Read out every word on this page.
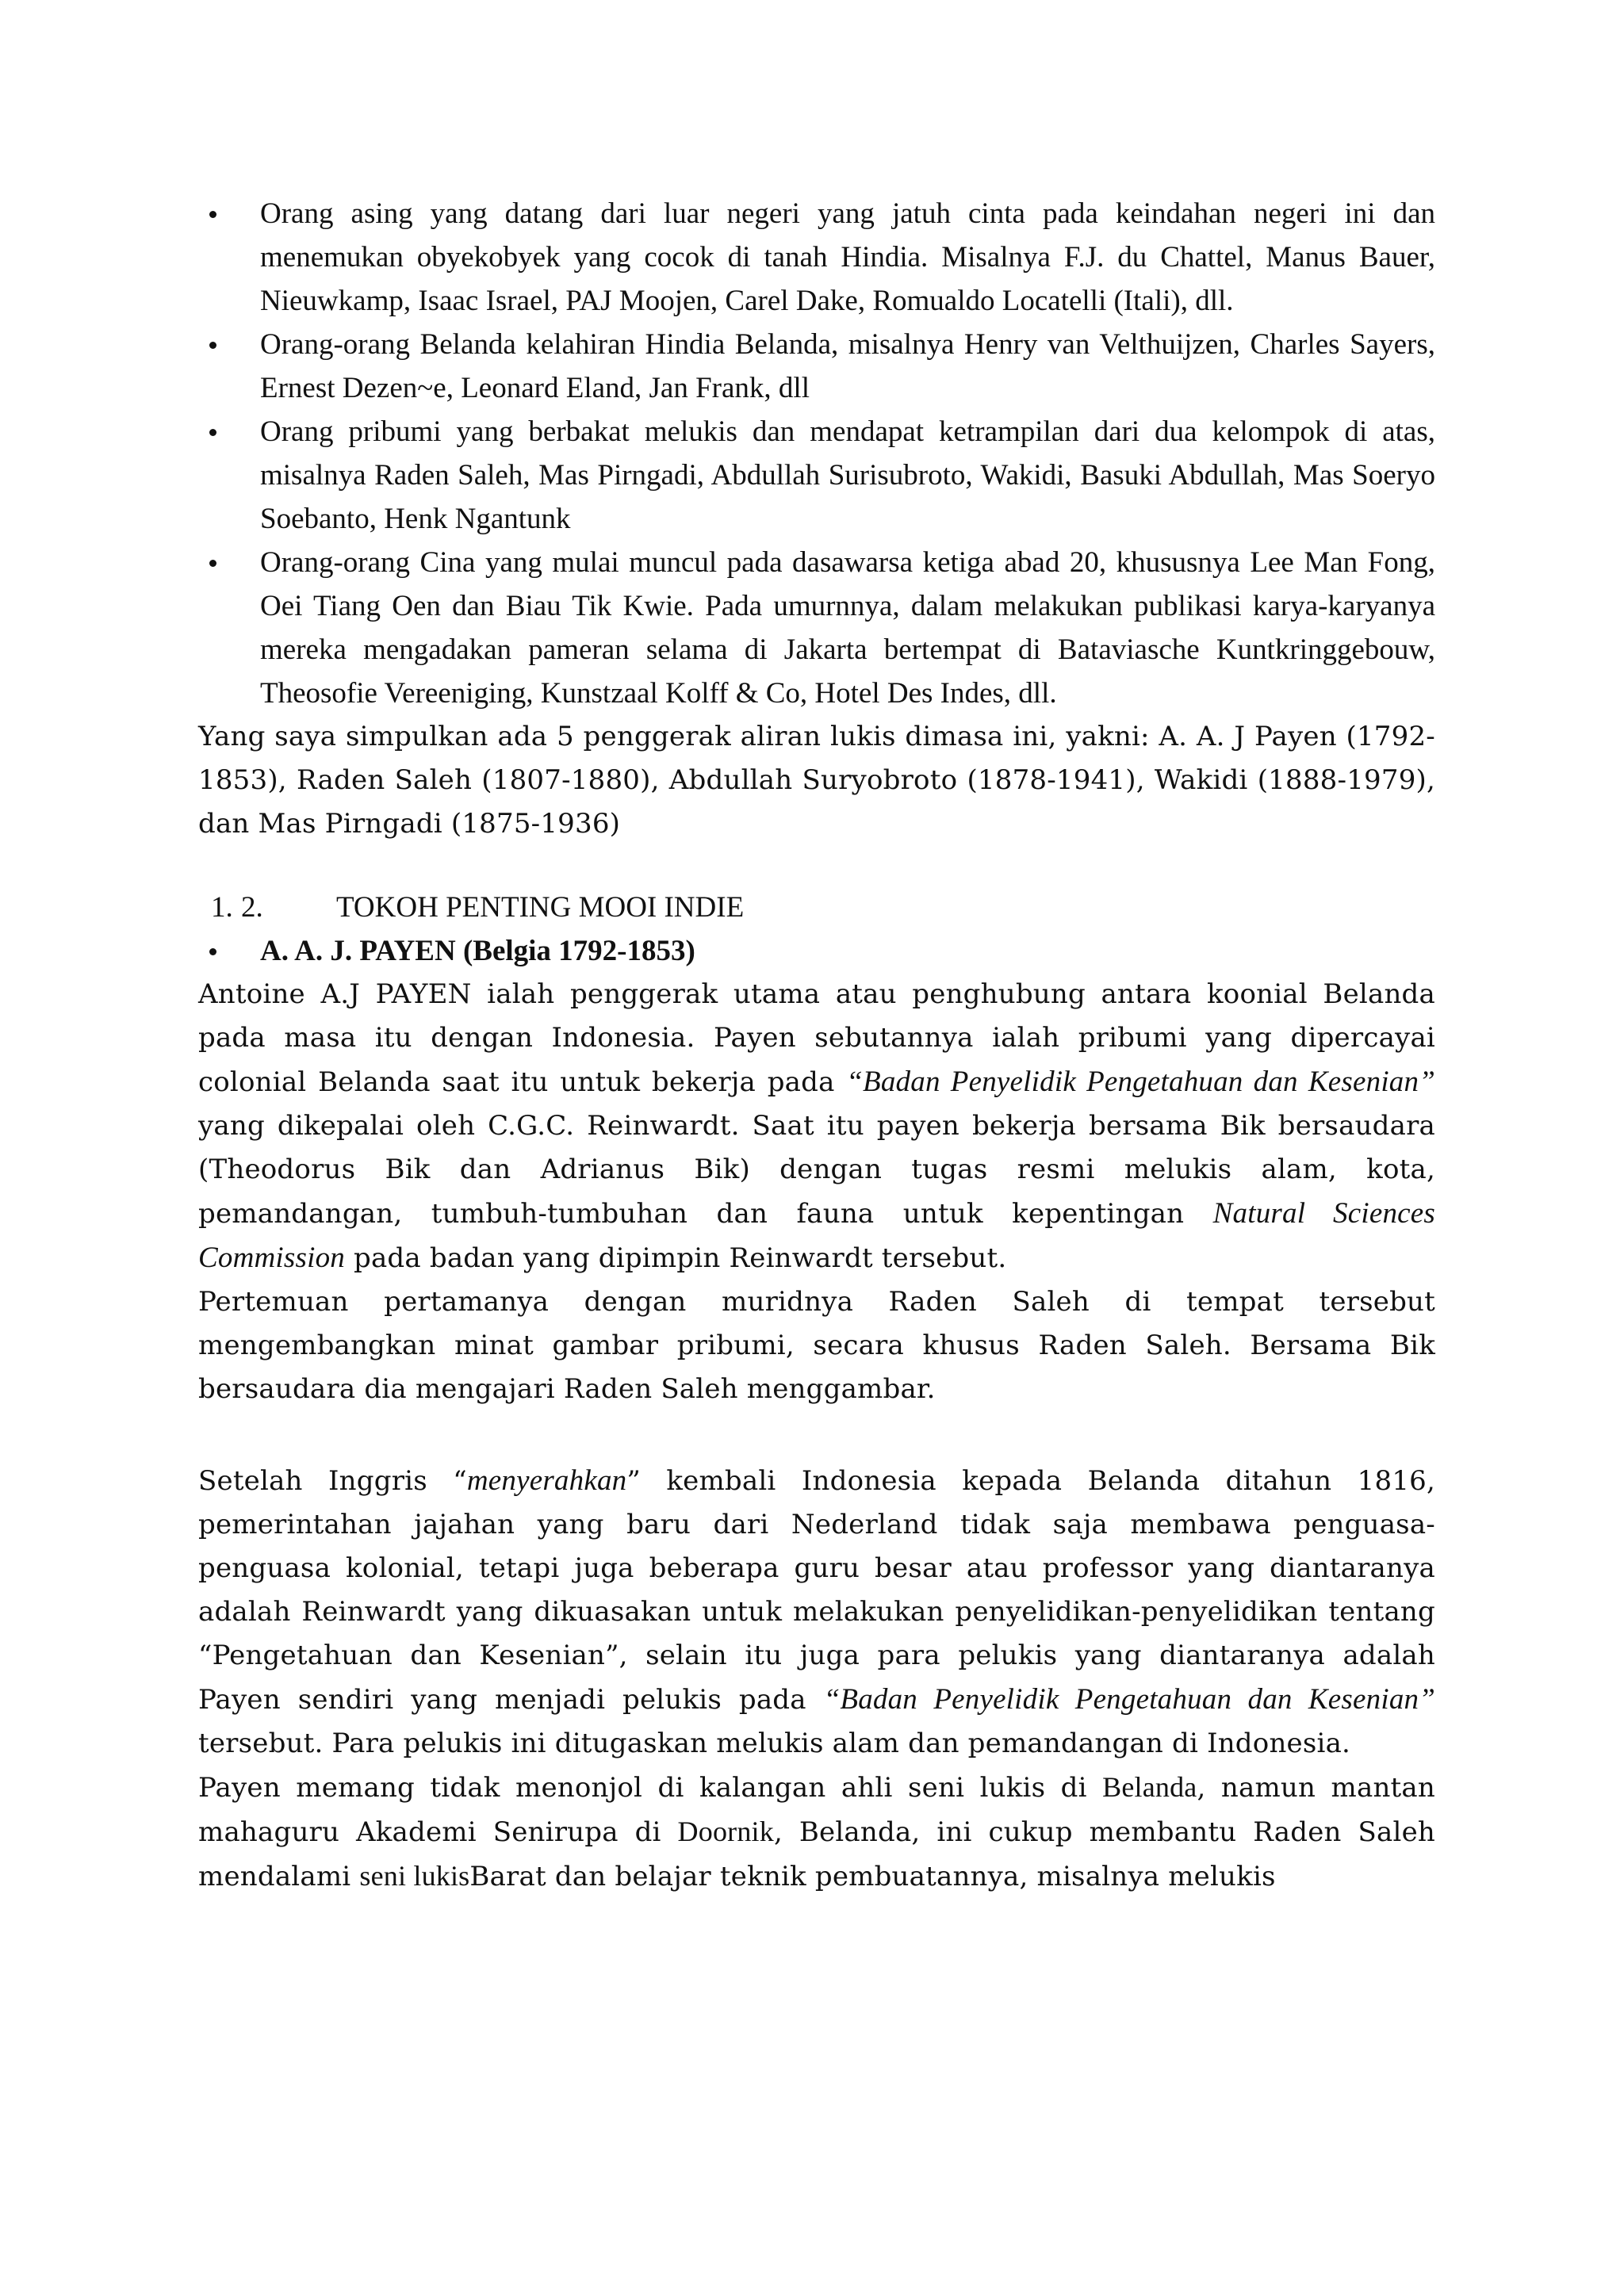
Orang asing yang datang dari luar negeri yang jatuh cinta pada keindahan negeri ini dan menemukan obyekobyek yang cocok di tanah Hindia. Misalnya F.J. du Chattel, Manus Bauer, Nieuwkamp, Isaac Israel, PAJ Moojen, Carel Dake, Romualdo Locatelli (Itali), dll.
Orang-orang Belanda kelahiran Hindia Belanda, misalnya Henry van Velthuijzen, Charles Sayers, Ernest Dezen~e, Leonard Eland, Jan Frank, dll
Orang pribumi yang berbakat melukis dan mendapat ketrampilan dari dua kelompok di atas, misalnya Raden Saleh, Mas Pirngadi, Abdullah Surisubroto, Wakidi, Basuki Abdullah, Mas Soeryo Soebanto, Henk Ngantunk
Orang-orang Cina yang mulai muncul pada dasawarsa ketiga abad 20, khususnya Lee Man Fong, Oei Tiang Oen dan Biau Tik Kwie. Pada umurnnya, dalam melakukan publikasi karya-karyanya mereka mengadakan pameran selama di Jakarta bertempat di Bataviasche Kuntkringgebouw, Theosofie Vereeniging, Kunstzaal Kolff & Co, Hotel Des Indes, dll.

Yang saya simpulkan ada 5 penggerak aliran lukis dimasa ini, yakni: A. A. J Payen (1792-1853), Raden Saleh (1807-1880), Abdullah Suryobroto (1878-1941), Wakidi (1888-1979), dan Mas Pirngadi (1875-1936)

1. 2. TOKOH PENTING MOOI INDIE
A. A. J. PAYEN (Belgia 1792-1853)

Antoine A.J PAYEN ialah penggerak utama atau penghubung antara koonial Belanda pada masa itu dengan Indonesia. Payen sebutannya ialah pribumi yang dipercayai colonial Belanda saat itu untuk bekerja pada “Badan Penyelidik Pengetahuan dan Kesenian” yang dikepalai oleh C.G.C. Reinwardt. Saat itu payen bekerja bersama Bik bersaudara (Theodorus Bik dan Adrianus Bik) dengan tugas resmi melukis alam, kota, pemandangan, tumbuh-tumbuhan dan fauna untuk kepentingan Natural Sciences Commission pada badan yang dipimpin Reinwardt tersebut.

Pertemuan pertamanya dengan muridnya Raden Saleh di tempat tersebut mengembangkan minat gambar pribumi, secara khusus Raden Saleh. Bersama Bik bersaudara dia mengajari Raden Saleh menggambar.

Setelah Inggris “menyerahkan” kembali Indonesia kepada Belanda ditahun 1816, pemerintahan jajahan yang baru dari Nederland tidak saja membawa penguasa-penguasa kolonial, tetapi juga beberapa guru besar atau professor yang diantaranya adalah Reinwardt yang dikuasakan untuk melakukan penyelidikan-penyelidikan tentang “Pengetahuan dan Kesenian”, selain itu juga para pelukis yang diantaranya adalah Payen sendiri yang menjadi pelukis pada “Badan Penyelidik Pengetahuan dan Kesenian” tersebut. Para pelukis ini ditugaskan melukis alam dan pemandangan di Indonesia.

Payen memang tidak menonjol di kalangan ahli seni lukis di Belanda, namun mantan mahaguru Akademi Senirupa di Doornik, Belanda, ini cukup membantu Raden Saleh mendalami seni lukisBarat dan belajar teknik pembuatannya, misalnya melukis
